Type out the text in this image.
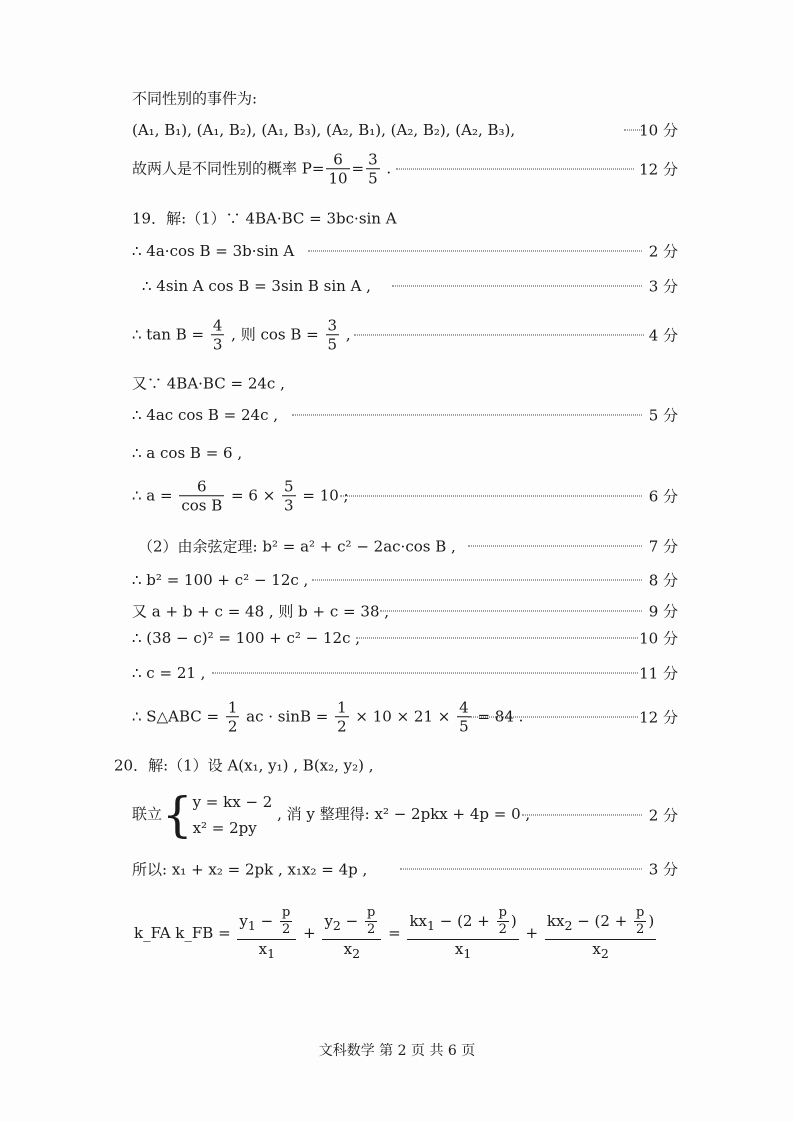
不同性别的事件为:
(A₁, B₁), (A₁, B₂), (A₁, B₃), (A₂, B₁), (A₂, B₂), (A₂, B₃),	10 分
故两人是不同性别的概率 $P= \frac{6}{10} = \frac{3}{5}$ .	12 分
19．解:（1）∵ 4BA·BC = 3bc·sin A
∴ 4a·cos B = 3b·sin A	2 分
∴ 4sin A cos B = 3sin B sin A ,	3 分
∴ $\tan B = \frac{4}{3}$ , 则 $\cos B = \frac{3}{5}$ ,	4 分
又∵ 4BA·BC = 24c ,
∴ 4ac cos B = 24c ,	5 分
∴ a cos B = 6 ,
∴ $a = \frac{6}{\text{cos B}} = 6 \times \frac{5}{3} = 10$ ;	6 分
（2）由余弦定理: b² = a² + c² − 2ac·cos B ,	7 分
∴ b² = 100 + c² − 12c ,	8 分
又 a + b + c = 48 , 则 b + c = 38 ,	9 分
∴ (38 − c)² = 100 + c² − 12c ,	10 分
∴ c = 21 ,	11 分
∴ S△ABC = $\frac{1}{2}$ ac · $\sin B = \frac{1}{2} \times 10 \times 21 \times \frac{4}{5} = 84$ .	12 分
20．解:（1）设 A(x₁, y₁) , B(x₂, y₂) ,
联立{ y = kx − 2
x² = 2py
, 消 y 整理得: x² − 2pkx + 4p = 0 ,	2 分
所以: x₁ + x₂ = 2pk , x₁x₂ = 4p ,	3 分
k_FA k_FB = $\frac{y_1 - \frac{p}{2}}{x_1} + \frac{y_2 - \frac{p}{2}}{x_2} = \frac{kx_1 - (2 + \frac{p}{2} )}{x_1} + \frac{kx_2 - (2 + \frac{p}{2} )}{x_2}$
文科数学 第 2 页 共 6 页
